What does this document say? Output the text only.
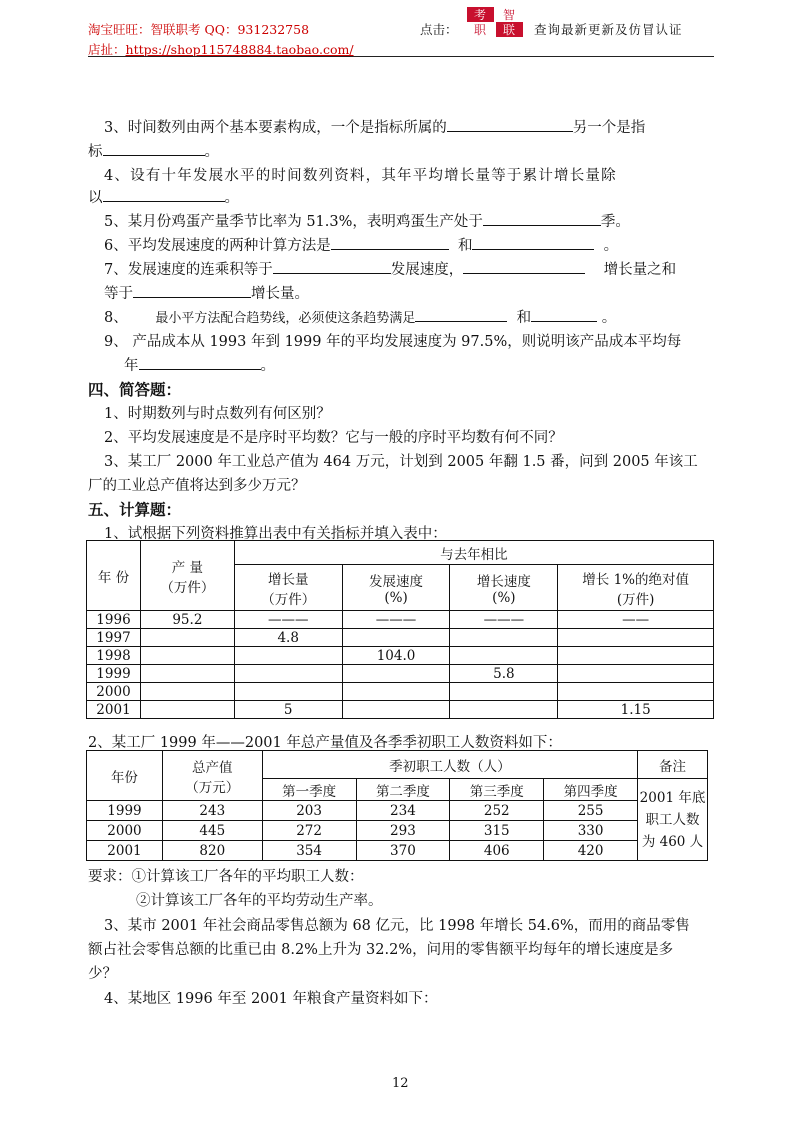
淘宝旺旺：智联职考 QQ：931232758
店扯：https://shop115748884.taobao.com/
点击：
考 智
职 联 查询最新更新及仿冒认证
3、时间数列由两个基本要素构成，一个是指标所属的	另一个是指
标	。
4、设有十年发展水平的时间数列资料，其年平均增长量等于累计增长量除
以	。
5、某月份鸡蛋产量季节比率为 51.3%，表明鸡蛋生产处于	季。
6、平均发展速度的两种计算方法是	和	。
7、发展速度的连乘积等于	发展速度，	增长量之和
等于	增长量。
8、 最小平方法配合趋势线，必须使这条趋势满足	和	。
9、 产品成本从 1993 年到 1999 年的平均发展速度为 97.5%，则说明该产品成本平均每
年	。
四、简答题：
1、时期数列与时点数列有何区别？
2、平均发展速度是不是序时平均数？它与一般的序时平均数有何不同？
3、某工厂 2000 年工业总产值为 464 万元，计划到 2005 年翻 1.5 番，问到 2005 年该工
厂的工业总产值将达到多少万元？
五、计算题：
1、试根据下列资料推算出表中有关指标并填入表中：
年 份	产 量
（万件）	与去年相比			
		增长量
（万件）	发展速度
(%)	增长速度
(%)	增长 1%的绝对值
(万件)
1996	95.2	———	———	———	——
1997		4.8			
1998			104.0		
1999				5.8	
2000					
2001		5			1.15
2、某工厂 1999 年——2001 年总产量值及各季季初职工人数资料如下：
年份	总产值
（万元）	季初职工人数（人）				备注
		第一季度	第二季度	第三季度	第四季度	2001 年底
职工人数
为 460 人
1999	243	203	234	252	255	
2000	445	272	293	315	330	
2001	820	354	370	406	420	
要求：①计算该工厂各年的平均职工人数：
②计算该工厂各年的平均劳动生产率。
3、某市 2001 年社会商品零售总额为 68 亿元，比 1998 年增长 54.6%，而用的商品零售
额占社会零售总额的比重已由 8.2%上升为 32.2%，问用的零售额平均每年的增长速度是多
少？
4、某地区 1996 年至 2001 年粮食产量资料如下：
12
